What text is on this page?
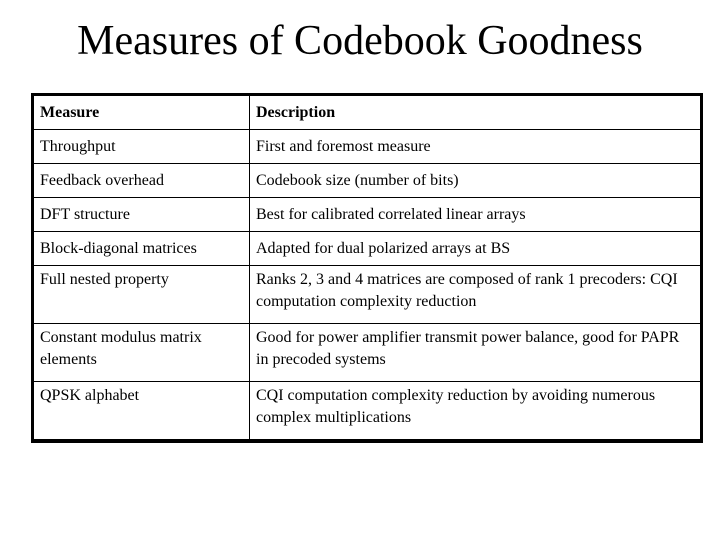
Measures of Codebook Goodness
Measure	Description
Throughput	First and foremost measure
Feedback overhead	Codebook size (number of bits)
DFT structure	Best for calibrated correlated linear arrays
Block-diagonal matrices	Adapted for dual polarized arrays at BS
Full nested property	Ranks 2, 3 and 4 matrices are composed of rank 1 precoders: CQI computation complexity reduction
Constant modulus matrix elements	Good for power amplifier transmit power balance, good for PAPR in precoded systems
QPSK alphabet	CQI computation complexity reduction by avoiding numerous complex multiplications
